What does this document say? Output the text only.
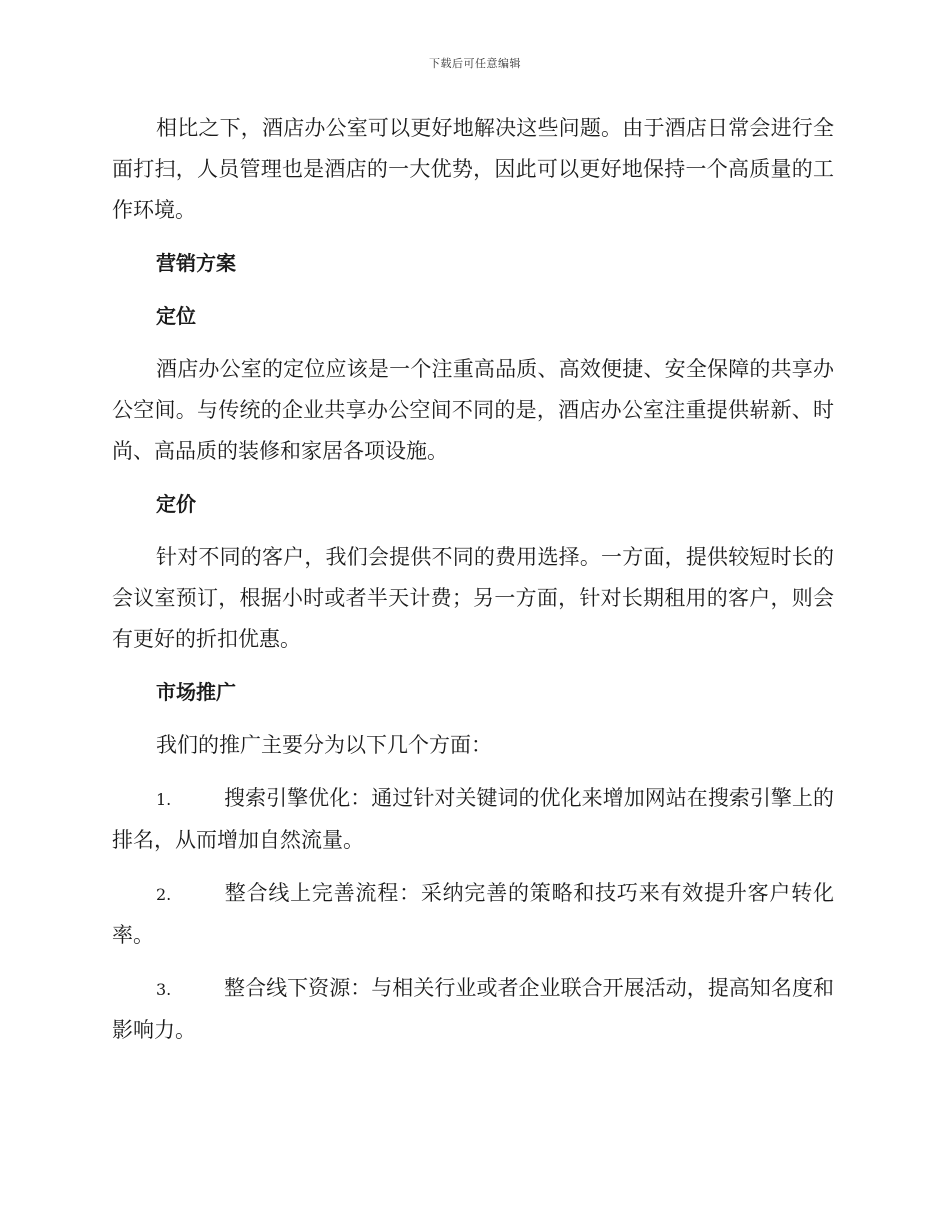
下载后可任意编辑

相比之下，酒店办公室可以更好地解决这些问题。由于酒店日常会进行全面打扫，人员管理也是酒店的一大优势，因此可以更好地保持一个高质量的工作环境。

营销方案
定位

酒店办公室的定位应该是一个注重高品质、高效便捷、安全保障的共享办公空间。与传统的企业共享办公空间不同的是，酒店办公室注重提供崭新、时尚、高品质的装修和家居各项设施。

定价

针对不同的客户，我们会提供不同的费用选择。一方面，提供较短时长的会议室预订，根据小时或者半天计费；另一方面，针对长期租用的客户，则会有更好的折扣优惠。

市场推广

我们的推广主要分为以下几个方面：

1.	搜索引擎优化：通过针对关键词的优化来增加网站在搜索引擎上的排名，从而增加自然流量。
2.	整合线上完善流程：采纳完善的策略和技巧来有效提升客户转化率。
3.	整合线下资源：与相关行业或者企业联合开展活动，提高知名度和影响力。
